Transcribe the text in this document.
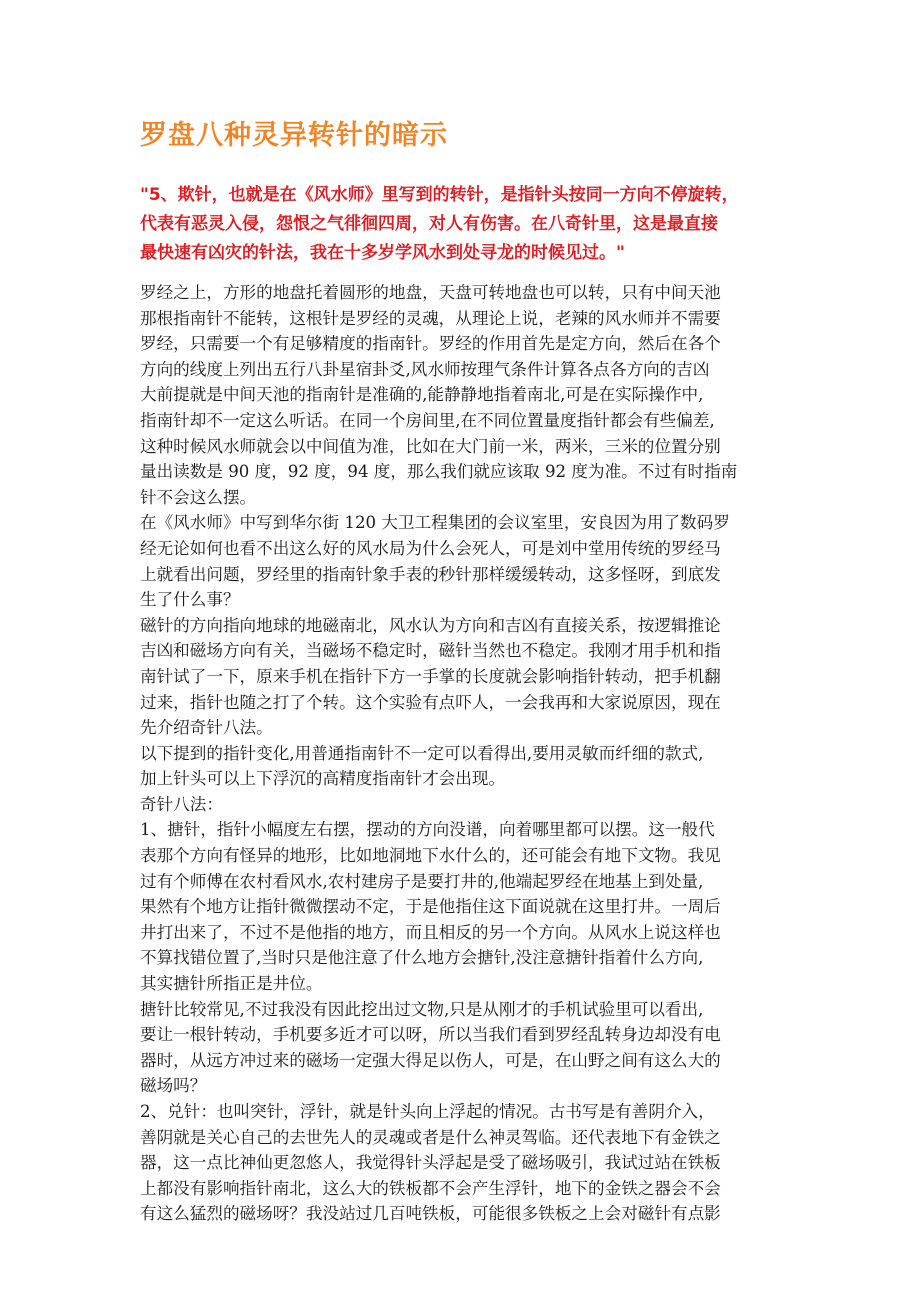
罗盘八种灵异转针的暗示

"5、欺针，也就是在《风水师》里写到的转针，是指针头按同一方向不停旋转，

代表有恶灵入侵，怨恨之气徘徊四周，对人有伤害。在八奇针里，这是最直接

最快速有凶灾的针法，我在十多岁学风水到处寻龙的时候见过。"

罗经之上，方形的地盘托着圆形的地盘，天盘可转地盘也可以转，只有中间天池

那根指南针不能转，这根针是罗经的灵魂，从理论上说，老辣的风水师并不需要

罗经，只需要一个有足够精度的指南针。罗经的作用首先是定方向，然后在各个

方向的线度上列出五行八卦星宿卦爻,风水师按理气条件计算各点各方向的吉凶

大前提就是中间天池的指南针是准确的,能静静地指着南北,可是在实际操作中,

指南针却不一定这么听话。在同一个房间里,在不同位置量度指针都会有些偏差,

这种时候风水师就会以中间值为准，比如在大门前一米，两米，三米的位置分别

量出读数是 90 度，92 度，94 度，那么我们就应该取 92 度为准。不过有时指南

针不会这么摆。

在《风水师》中写到华尔街 120 大卫工程集团的会议室里，安良因为用了数码罗

经无论如何也看不出这么好的风水局为什么会死人，可是刘中堂用传统的罗经马

上就看出问题，罗经里的指南针象手表的秒针那样缓缓转动，这多怪呀，到底发

生了什么事？

磁针的方向指向地球的地磁南北，风水认为方向和吉凶有直接关系，按逻辑推论

吉凶和磁场方向有关，当磁场不稳定时，磁针当然也不稳定。我刚才用手机和指

南针试了一下，原来手机在指针下方一手掌的长度就会影响指针转动，把手机翻

过来，指针也随之打了个转。这个实验有点吓人，一会我再和大家说原因，现在

先介绍奇针八法。

以下提到的指针变化,用普通指南针不一定可以看得出,要用灵敏而纤细的款式,

加上针头可以上下浮沉的高精度指南针才会出现。

奇针八法：

1、搪针，指针小幅度左右摆，摆动的方向没谱，向着哪里都可以摆。这一般代

表那个方向有怪异的地形，比如地洞地下水什么的，还可能会有地下文物。我见

过有个师傅在农村看风水,农村建房子是要打井的,他端起罗经在地基上到处量,

果然有个地方让指针微微摆动不定，于是他指住这下面说就在这里打井。一周后

井打出来了，不过不是他指的地方，而且相反的另一个方向。从风水上说这样也

不算找错位置了,当时只是他注意了什么地方会搪针,没注意搪针指着什么方向,

其实搪针所指正是井位。

搪针比较常见,不过我没有因此挖出过文物,只是从刚才的手机试验里可以看出,

要让一根针转动，手机要多近才可以呀，所以当我们看到罗经乱转身边却没有电

器时，从远方冲过来的磁场一定强大得足以伤人，可是，在山野之间有这么大的

磁场吗？

2、兑针：也叫突针，浮针，就是针头向上浮起的情况。古书写是有善阴介入，

善阴就是关心自己的去世先人的灵魂或者是什么神灵驾临。还代表地下有金铁之

器，这一点比神仙更忽悠人，我觉得针头浮起是受了磁场吸引，我试过站在铁板

上都没有影响指针南北，这么大的铁板都不会产生浮针，地下的金铁之器会不会

有这么猛烈的磁场呀？我没站过几百吨铁板，可能很多铁板之上会对磁针有点影
